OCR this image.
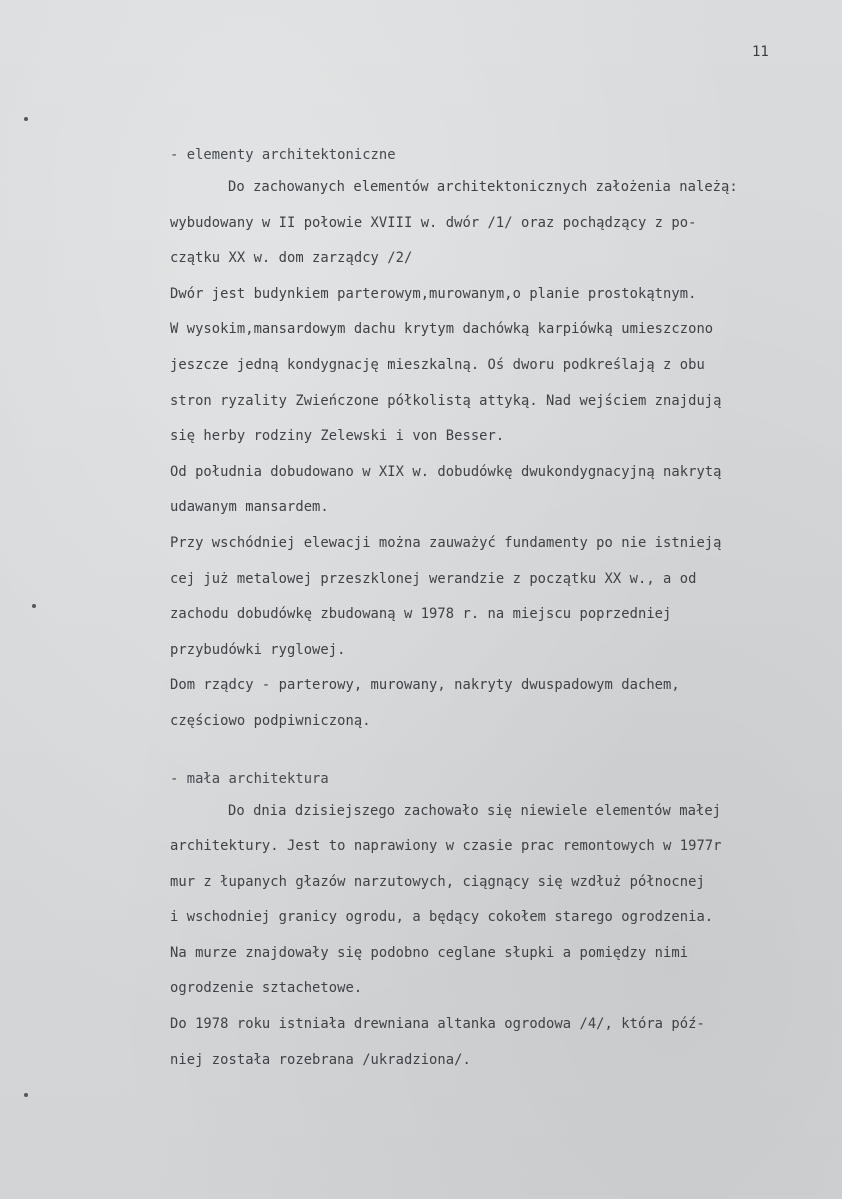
11
- elementy architektoniczne
Do zachowanych elementów architektonicznych założenia należą:
wybudowany w II połowie XVIII w. dwór /1/ oraz pochądzący z po-
czątku XX w. dom zarządcy /2/
Dwór jest budynkiem parterowym,murowanym,o planie prostokątnym.
W wysokim,mansardowym dachu krytym dachówką karpiówką umieszczono
jeszcze jedną kondygnację mieszkalną. Oś dworu podkreślają z obu
stron ryzality Zwieńczone półkolistą attyką. Nad wejściem znajdują
się herby rodziny Zelewski i von Besser.
Od południa dobudowano w XIX w. dobudówkę dwukondygnacyjną nakrytą
udawanym mansardem.
Przy wschódniej elewacji można zauważyć fundamenty po nie istnieją
cej już metalowej przeszklonej werandzie z początku XX w., a od
zachodu dobudówkę zbudowaną w 1978 r. na miejscu poprzedniej
przybudówki ryglowej.
Dom rządcy - parterowy, murowany, nakryty dwuspadowym dachem,
częściowo podpiwniczoną.
- mała architektura
Do dnia dzisiejszego zachowało się niewiele elementów małej
architektury. Jest to naprawiony w czasie prac remontowych w 1977r
mur z łupanych głazów narzutowych, ciągnący się wzdłuż północnej
i wschodniej granicy ogrodu, a będący cokołem starego ogrodzenia.
Na murze znajdowały się podobno ceglane słupki a pomiędzy nimi
ogrodzenie sztachetowe.
Do 1978 roku istniała drewniana altanka ogrodowa /4/, która póź-
niej została rozebrana /ukradziona/.
